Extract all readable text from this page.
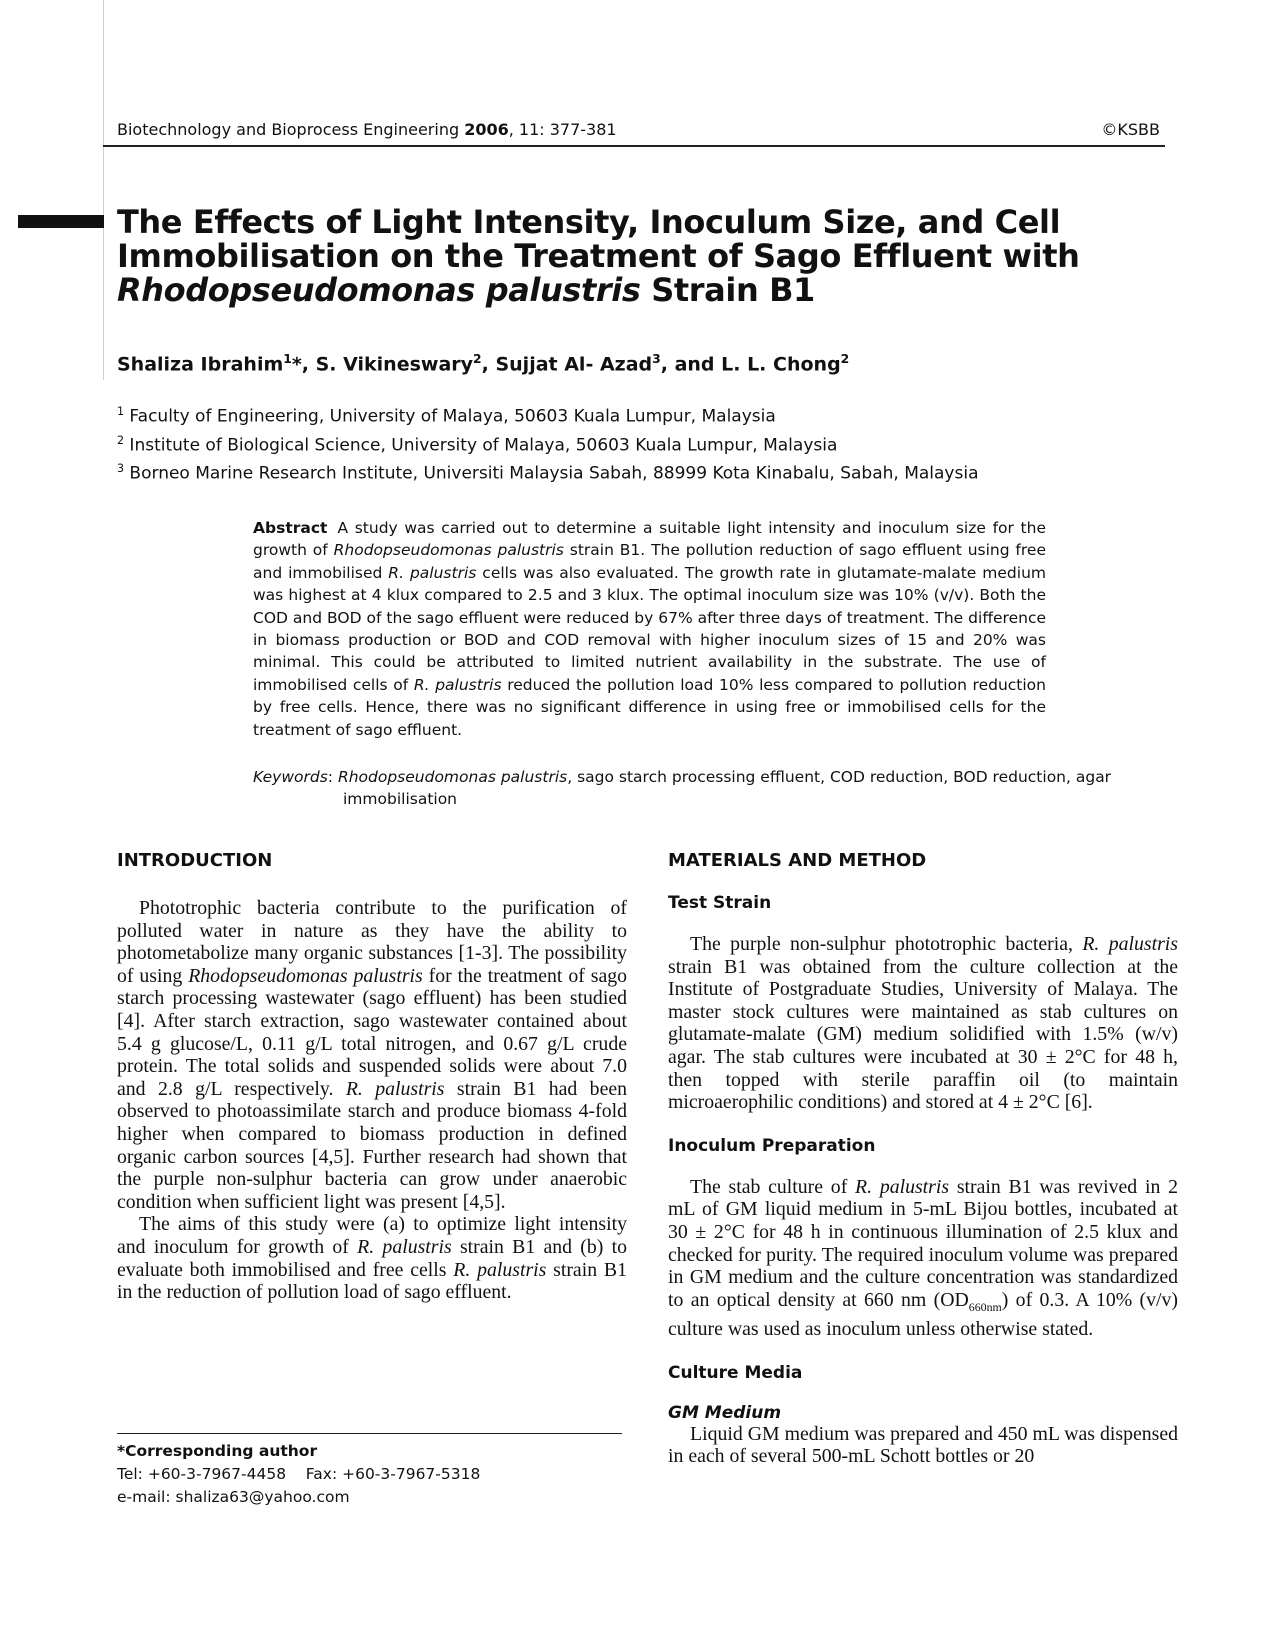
Biotechnology and Bioprocess Engineering 2006, 11: 377-381	©KSBB
The Effects of Light Intensity, Inoculum Size, and Cell
Immobilisation on the Treatment of Sago Effluent with
Rhodopseudomonas palustris Strain B1
Shaliza Ibrahim$^1$*, S. Vikineswary$^2$, Sujjat Al- Azad$^3$, and L. L. Chong$^2$
$^1$ Faculty of Engineering, University of Malaya, 50603 Kuala Lumpur, Malaysia
$^2$ Institute of Biological Science, University of Malaya, 50603 Kuala Lumpur, Malaysia
$^3$ Borneo Marine Research Institute, Universiti Malaysia Sabah, 88999 Kota Kinabalu, Sabah, Malaysia
Abstract A study was carried out to determine a suitable light intensity and inoculum size for the growth of Rhodopseudomonas palustris strain B1. The pollution reduction of sago effluent using free and immobilised R. palustris cells was also evaluated. The growth rate in glutamate-malate medium was highest at 4 klux compared to 2.5 and 3 klux. The optimal inoculum size was 10% (v/v). Both the COD and BOD of the sago effluent were reduced by 67% after three days of treatment. The difference in biomass production or BOD and COD removal with higher inoculum sizes of 15 and 20% was minimal. This could be attributed to limited nutrient availability in the substrate. The use of immobilised cells of R. palustris reduced the pollution load 10% less compared to pollution reduction by free cells. Hence, there was no significant difference in using free or immobilised cells for the treatment of sago effluent.
Keywords: Rhodopseudomonas palustris, sago starch processing effluent, COD reduction, BOD reduction, agar immobilisation
INTRODUCTION

Phototrophic bacteria contribute to the purification of polluted water in nature as they have the ability to photometabolize many organic substances [1-3]. The possibility of using Rhodopseudomonas palustris for the treatment of sago starch processing wastewater (sago effluent) has been studied [4]. After starch extraction, sago wastewater contained about 5.4 g glucose/L, 0.11 g/L total nitrogen, and 0.67 g/L crude protein. The total solids and suspended solids were about 7.0 and 2.8 g/L respectively. R. palustris strain B1 had been observed to photoassimilate starch and produce biomass 4-fold higher when compared to biomass production in defined organic carbon sources [4,5]. Further research had shown that the purple non-sulphur bacteria can grow under anaerobic condition when sufficient light was present [4,5].

The aims of this study were (a) to optimize light intensity and inoculum for growth of R. palustris strain B1 and (b) to evaluate both immobilised and free cells R. palustris strain B1 in the reduction of pollution load of sago effluent.

*Corresponding author
Tel: +60-3-7967-4458    Fax: +60-3-7967-5318
e-mail: shaliza63@yahoo.com
MATERIALS AND METHOD
Test Strain

The purple non-sulphur phototrophic bacteria, R. palustris strain B1 was obtained from the culture collection at the Institute of Postgraduate Studies, University of Malaya. The master stock cultures were maintained as stab cultures on glutamate-malate (GM) medium solidified with 1.5% (w/v) agar. The stab cultures were incubated at 30 ± 2°C for 48 h, then topped with sterile paraffin oil (to maintain microaerophilic conditions) and stored at 4 ± 2°C [6].

Inoculum Preparation

The stab culture of R. palustris strain B1 was revived in 2 mL of GM liquid medium in 5-mL Bijou bottles, incubated at 30 ± 2°C for 48 h in continuous illumination of 2.5 klux and checked for purity. The required inoculum volume was prepared in GM medium and the culture concentration was standardized to an optical density at 660 nm $(OD_{660nm})$ of 0.3. A 10% (v/v) culture was used as inoculum unless otherwise stated.

Culture Media
GM Medium

Liquid GM medium was prepared and 450 mL was dispensed in each of several 500-mL Schott bottles or 20
